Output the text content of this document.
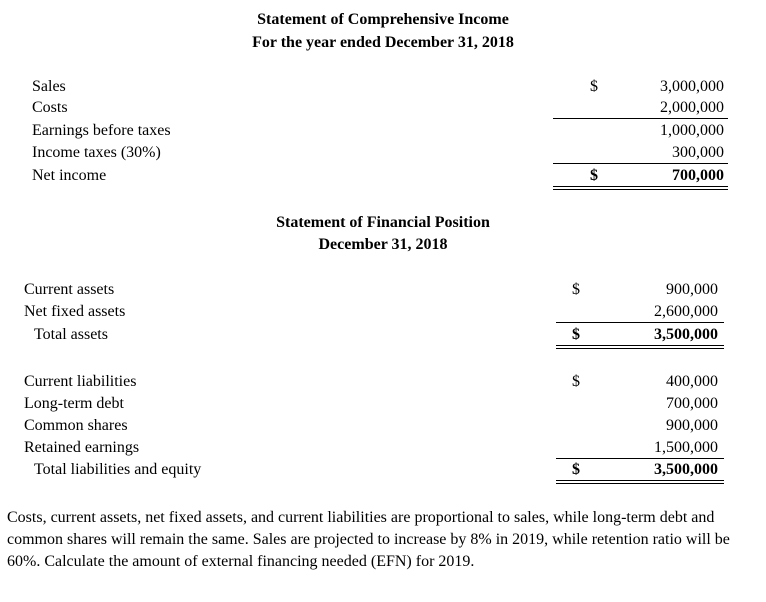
Statement of Comprehensive Income
For the year ended December 31, 2018
Sales	$	3,000,000
Costs	2,000,000
Earnings before taxes	1,000,000
Income taxes (30%)	300,000
Net income	$	700,000
Statement of Financial Position
December 31, 2018
Current assets	$	900,000
Net fixed assets	2,600,000
Total assets	$	3,500,000
Current liabilities	$	400,000
Long-term debt	700,000
Common shares	900,000
Retained earnings	1,500,000
Total liabilities and equity	$	3,500,000
Costs, current assets, net fixed assets, and current liabilities are proportional to sales, while long-term debt and common shares will remain the same. Sales are projected to increase by 8% in 2019, while retention ratio will be 60%. Calculate the amount of external financing needed (EFN) for 2019.
